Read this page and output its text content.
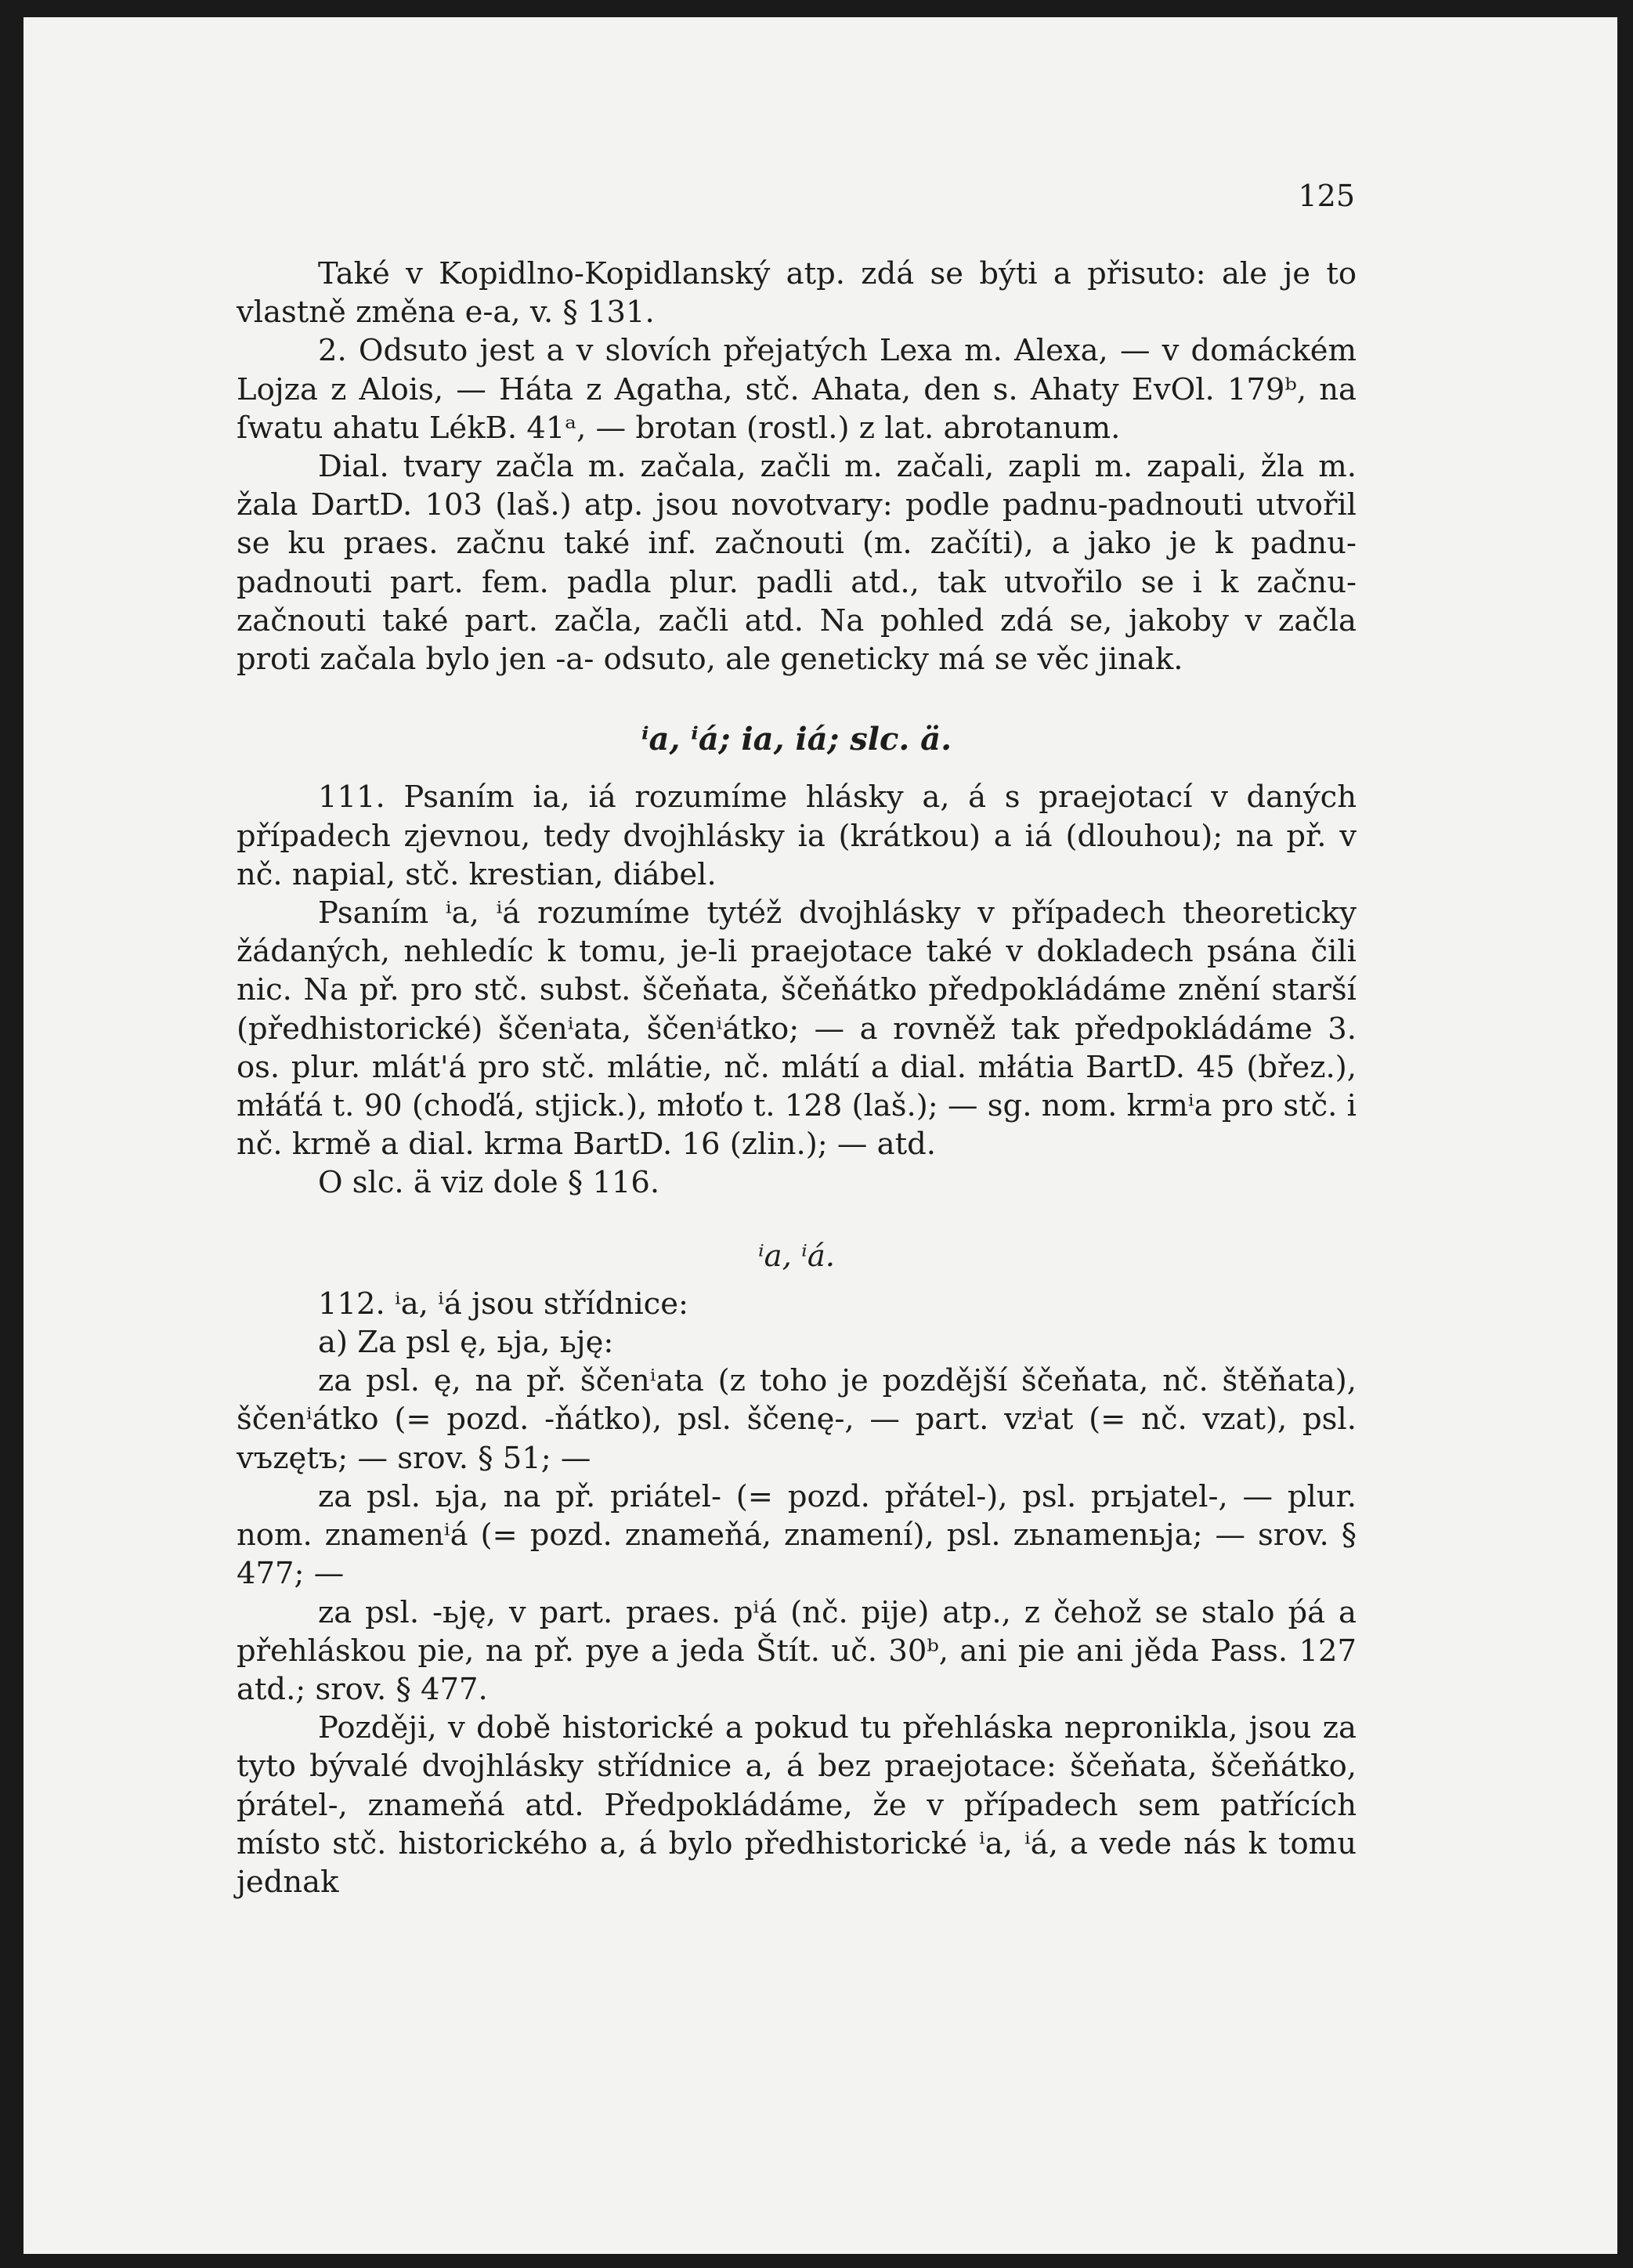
125

Také v Kopidlno-Kopidlanský atp. zdá se býti a přisuto: ale je to vlastně změna e-a, v. § 131.

2. Odsuto jest a v slovích přejatých Lexa m. Alexa, — v domáckém Lojza z Alois, — Háta z Agatha, stč. Ahata, den s. Ahaty EvOl. 179ᵇ, na ſwatu ahatu LékB. 41ᵃ, — brotan (rostl.) z lat. abrotanum.

Dial. tvary začla m. začala, začli m. začali, zapli m. zapali, žla m. žala DartD. 103 (laš.) atp. jsou novotvary: podle padnu-padnouti utvořil se ku praes. začnu také inf. začnouti (m. začíti), a jako je k padnu-padnouti part. fem. padla plur. padli atd., tak utvořilo se i k začnu-začnouti také part. začla, začli atd. Na pohled zdá se, jakoby v začla proti začala bylo jen -a- odsuto, ale geneticky má se věc jinak.

ⁱa, ⁱá; ia, iá; slc. ä.

111. Psaním ia, iá rozumíme hlásky a, á s praejotací v daných případech zjevnou, tedy dvojhlásky ia (krátkou) a iá (dlouhou); na př. v nč. napial, stč. krestian, diábel.

Psaním ⁱa, ⁱá rozumíme tytéž dvojhlásky v případech theoreticky žádaných, nehledíc k tomu, je-li praejotace také v dokladech psána čili nic. Na př. pro stč. subst. ščeňata, ščeňátko předpokládáme znění starší (předhistorické) ščenⁱata, ščenⁱátko; — a rovněž tak předpokládáme 3. os. plur. mlát'á pro stč. mlátie, nč. mlátí a dial. młátia BartD. 45 (břez.), młáťá t. 90 (choďá, stjick.), młoťo t. 128 (laš.); — sg. nom. krmⁱa pro stč. i nč. krmě a dial. krma BartD. 16 (zlin.); — atd.

O slc. ä viz dole § 116.

ⁱa, ⁱá.

112. ⁱa, ⁱá jsou střídnice:

a) Za psl ę, ьja, ьję:

za psl. ę, na př. ščenⁱata (z toho je pozdější ščeňata, nč. štěňata), ščenⁱátko (= pozd. -ňátko), psl. ščenę-, — part. vzⁱat (= nč. vzat), psl. vъzętъ; — srov. § 51; —

za psl. ьja, na př. priátel- (= pozd. přátel-), psl. prьjatel-, — plur. nom. znamenⁱá (= pozd. znameňá, znamení), psl. zьnamenьja; — srov. § 477; —

za psl. -ьję, v part. praes. pⁱá (nč. pije) atp., z čehož se stalo ṕá a přehláskou pie, na př. pye a jeda Štít. uč. 30ᵇ, ani pie ani jěda Pass. 127 atd.; srov. § 477.

Později, v době historické a pokud tu přehláska nepronikla, jsou za tyto bývalé dvojhlásky střídnice a, á bez praejotace: ščeňata, ščeňátko, ṕrátel-, znameňá atd. Předpokládáme, že v případech sem patřících místo stč. historického a, á bylo předhistorické ⁱa, ⁱá, a vede nás k tomu jednak
